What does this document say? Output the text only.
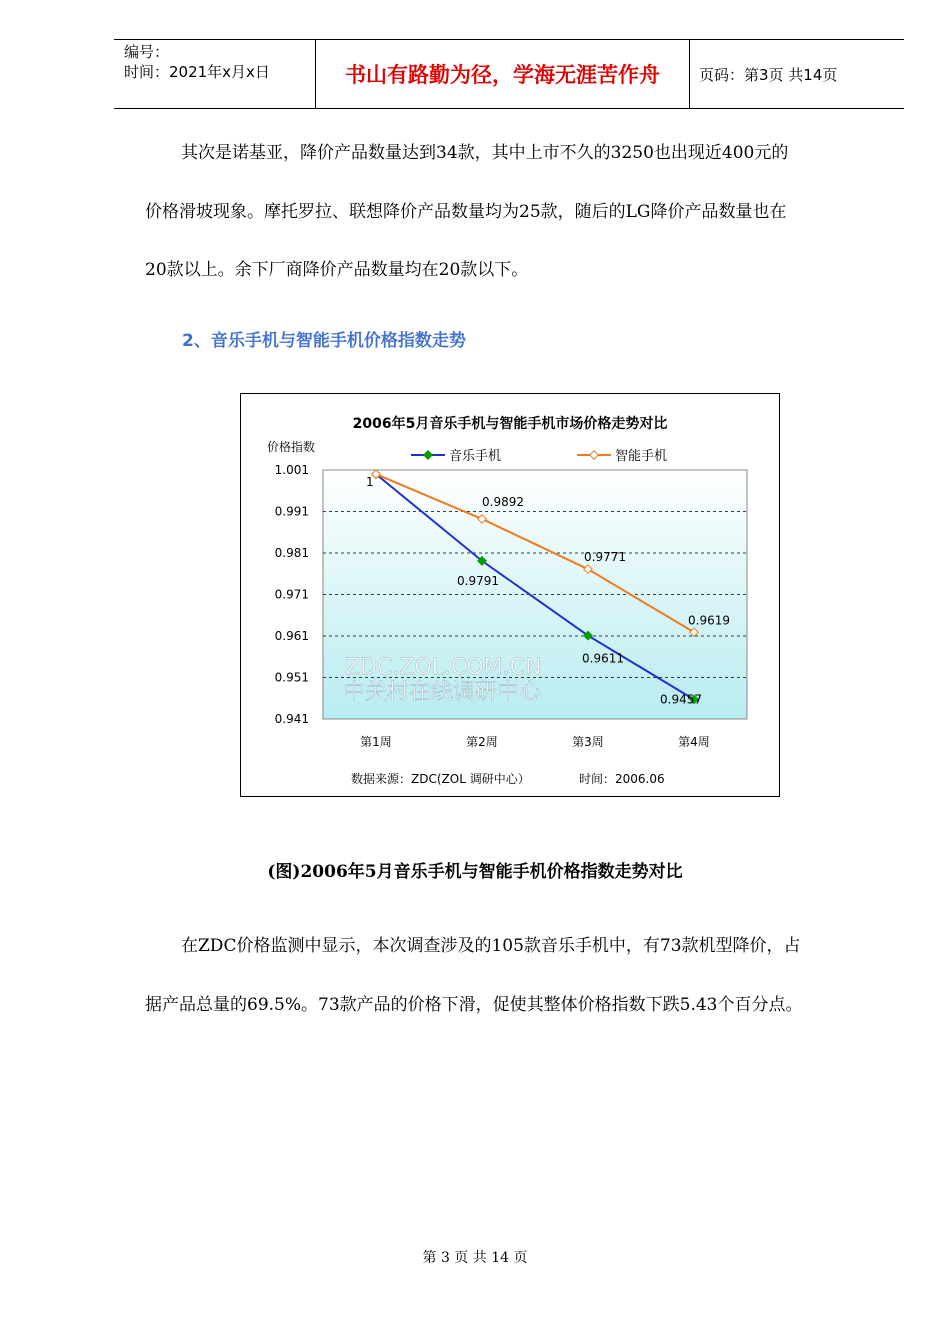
编号：
时间：2021年x月x日	书山有路勤为径，学海无涯苦作舟	页码：第3页 共14页
其次是诺基亚，降价产品数量达到34款，其中上市不久的3250也出现近400元的
价格滑坡现象。摩托罗拉、联想降价产品数量均为25款，随后的LG降价产品数量也在
20款以上。余下厂商降价产品数量均在20款以下。
2、音乐手机与智能手机价格指数走势
2006年5月音乐手机与智能手机市场价格走势对比
价格指数
ZDC.ZOL.COM.CN
中关村在线调研中心
1.001
0.991
0.981
0.971
0.961
0.951
0.941
第1周	第2周	第3周	第4周
1
0.9791
0.9611
0.9457
0.9892
0.9771
0.9619
音乐手机	智能手机
数据来源：ZDC(ZOL 调研中心）	时间：2006.06
(图)2006年5月音乐手机与智能手机价格指数走势对比
在ZDC价格监测中显示，本次调查涉及的105款音乐手机中，有73款机型降价，占
据产品总量的69.5%。73款产品的价格下滑，促使其整体价格指数下跌5.43个百分点。
第 3 页 共 14 页
